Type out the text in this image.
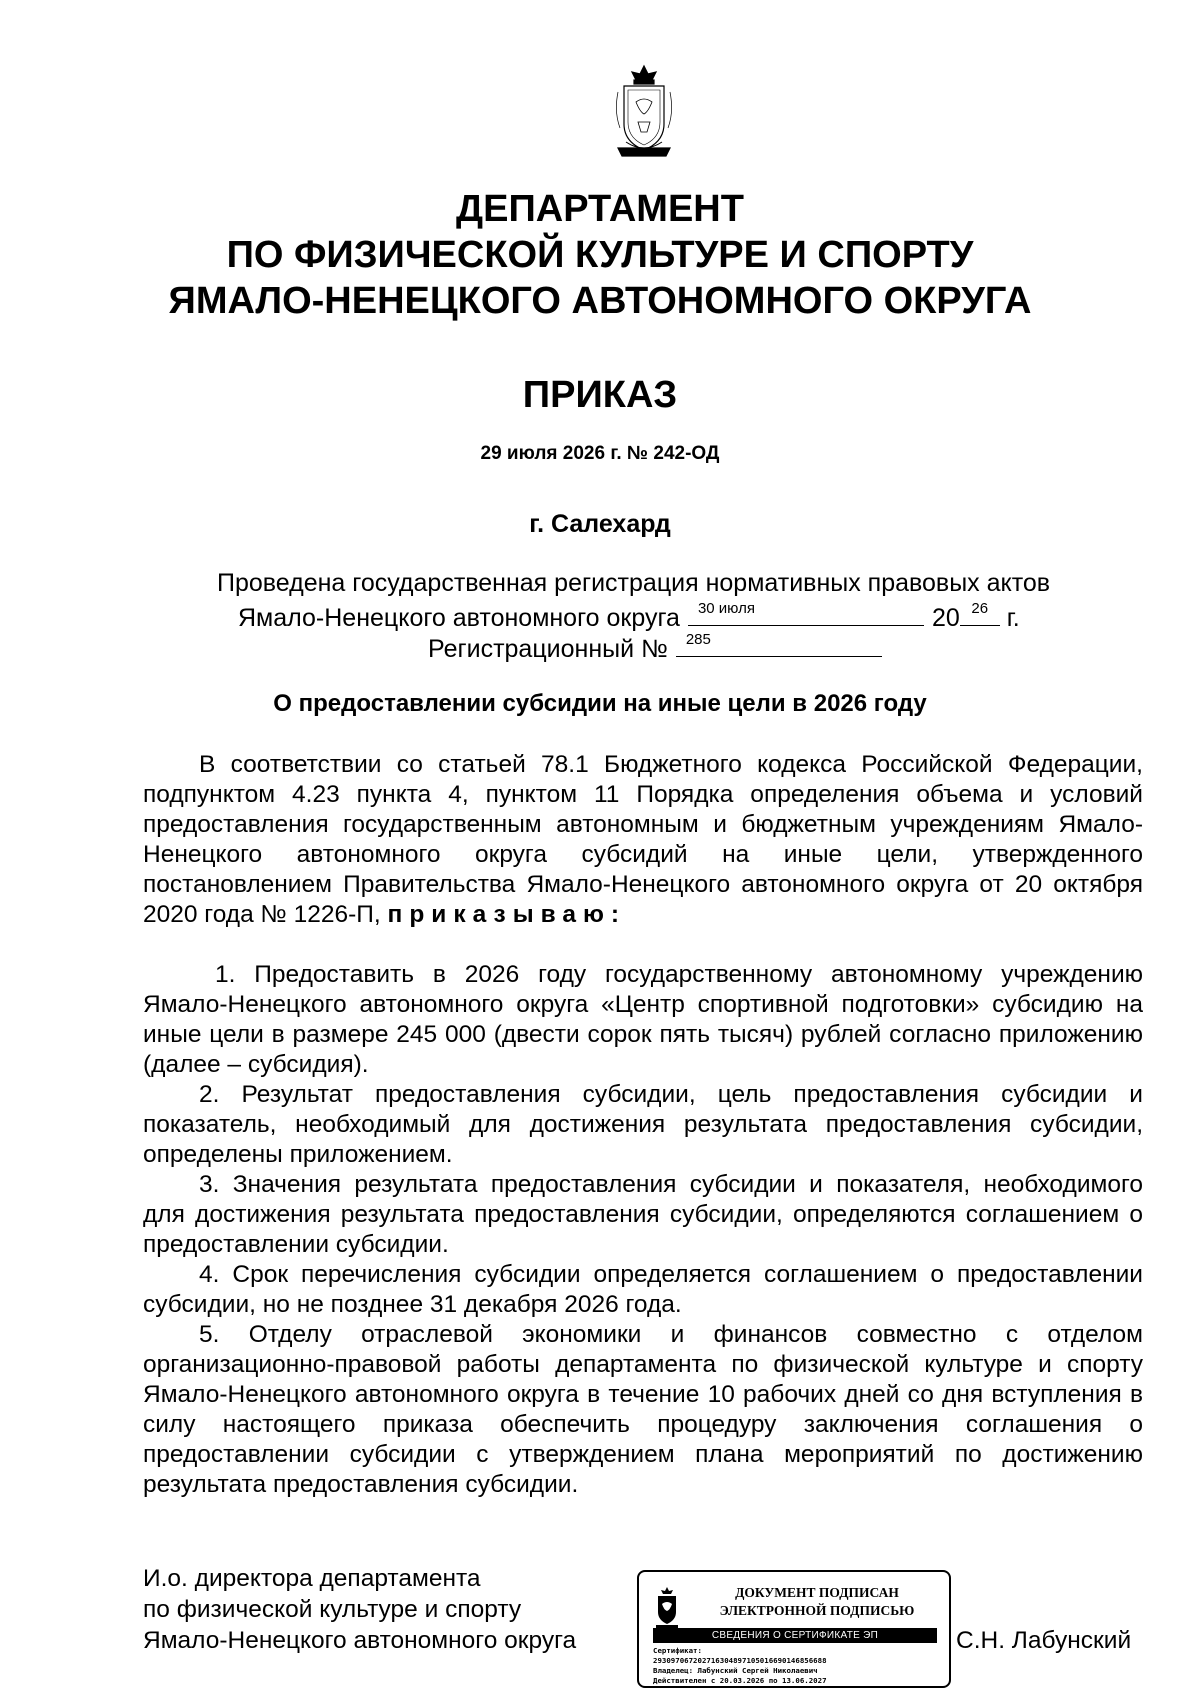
ДЕПАРТАМЕНТ
ПО ФИЗИЧЕСКОЙ КУЛЬТУРЕ И СПОРТУ
ЯМАЛО-НЕНЕЦКОГО АВТОНОМНОГО ОКРУГА
ПРИКАЗ
29 июля 2026 г. № 242-ОД
г. Салехард
Проведена государственная регистрация нормативных правовых актов
Ямало-Ненецкого автономного округа	30 июля	20 26 г.
Регистрационный №	285
О предоставлении субсидии на иные цели в 2026 году

В соответствии со статьей 78.1 Бюджетного кодекса Российской Федерации, подпунктом 4.23 пункта 4, пунктом 11 Порядка определения объема и условий предоставления государственным автономным и бюджетным учреждениям Ямало-Ненецкого автономного округа субсидий на иные цели, утвержденного постановлением Правительства Ямало-Ненецкого автономного округа от 20 октября 2020 года № 1226-П, приказываю:

1. Предоставить в 2026 году государственному автономному учреждению Ямало-Ненецкого автономного округа «Центр спортивной подготовки» субсидию на иные цели в размере 245 000 (двести сорок пять тысяч) рублей согласно приложению (далее – субсидия).

2. Результат предоставления субсидии, цель предоставления субсидии и показатель, необходимый для достижения результата предоставления субсидии, определены приложением.

3. Значения результата предоставления субсидии и показателя, необходимого для достижения результата предоставления субсидии, определяются соглашением о предоставлении субсидии.

4. Срок перечисления субсидии определяется соглашением о предоставлении субсидии, но не позднее 31 декабря 2026 года.

5. Отделу отраслевой экономики и финансов совместно с отделом организационно-правовой работы департамента по физической культуре и спорту Ямало-Ненецкого автономного округа в течение 10 рабочих дней со дня вступления в силу настоящего приказа обеспечить процедуру заключения соглашения о предоставлении субсидии с утверждением плана мероприятий по достижению результата предоставления субсидии.

И.о. директора департамента
по физической культуре и спорту
Ямало-Ненецкого автономного округа
ДОКУМЕНТ ПОДПИСАН
ЭЛЕКТРОННОЙ ПОДПИСЬЮ
СВЕДЕНИЯ О СЕРТИФИКАТЕ ЭП
Сертификат:
293097067202716304897105016690146856688
Владелец: Лабунский Сергей Николаевич
Действителен с 20.03.2026 по 13.06.2027
С.Н. Лабунский
